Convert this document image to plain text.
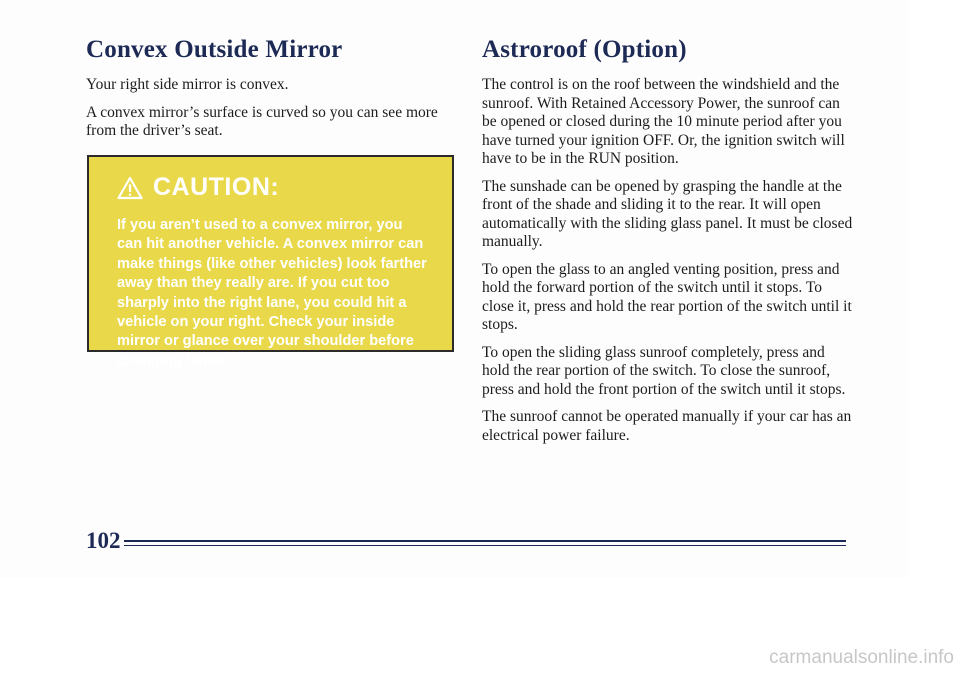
Convex Outside Mirror

Your right side mirror is convex.

A convex mirror’s surface is curved so you can see more from the driver’s seat.

CAUTION:
If you aren’t used to a convex mirror, you can hit another vehicle. A convex mirror can make things (like other vehicles) look farther away than they really are. If you cut too sharply into the right lane, you could hit a vehicle on your right. Check your inside mirror or glance over your shoulder before changing lanes.
Astroroof (Option)

The control is on the roof between the windshield and the sunroof. With Retained Accessory Power, the sunroof can be opened or closed during the 10 minute period after you have turned your ignition OFF. Or, the ignition switch will have to be in the RUN position.

The sunshade can be opened by grasping the handle at the front of the shade and sliding it to the rear. It will open automatically with the sliding glass panel. It must be closed manually.

To open the glass to an angled venting position, press and hold the forward portion of the switch until it stops. To close it, press and hold the rear portion of the switch until it stops.

To open the sliding glass sunroof completely, press and hold the rear portion of the switch. To close the sunroof, press and hold the front portion of the switch until it stops.

The sunroof cannot be operated manually if your car has an electrical power failure.

102
carmanualsonline.info
